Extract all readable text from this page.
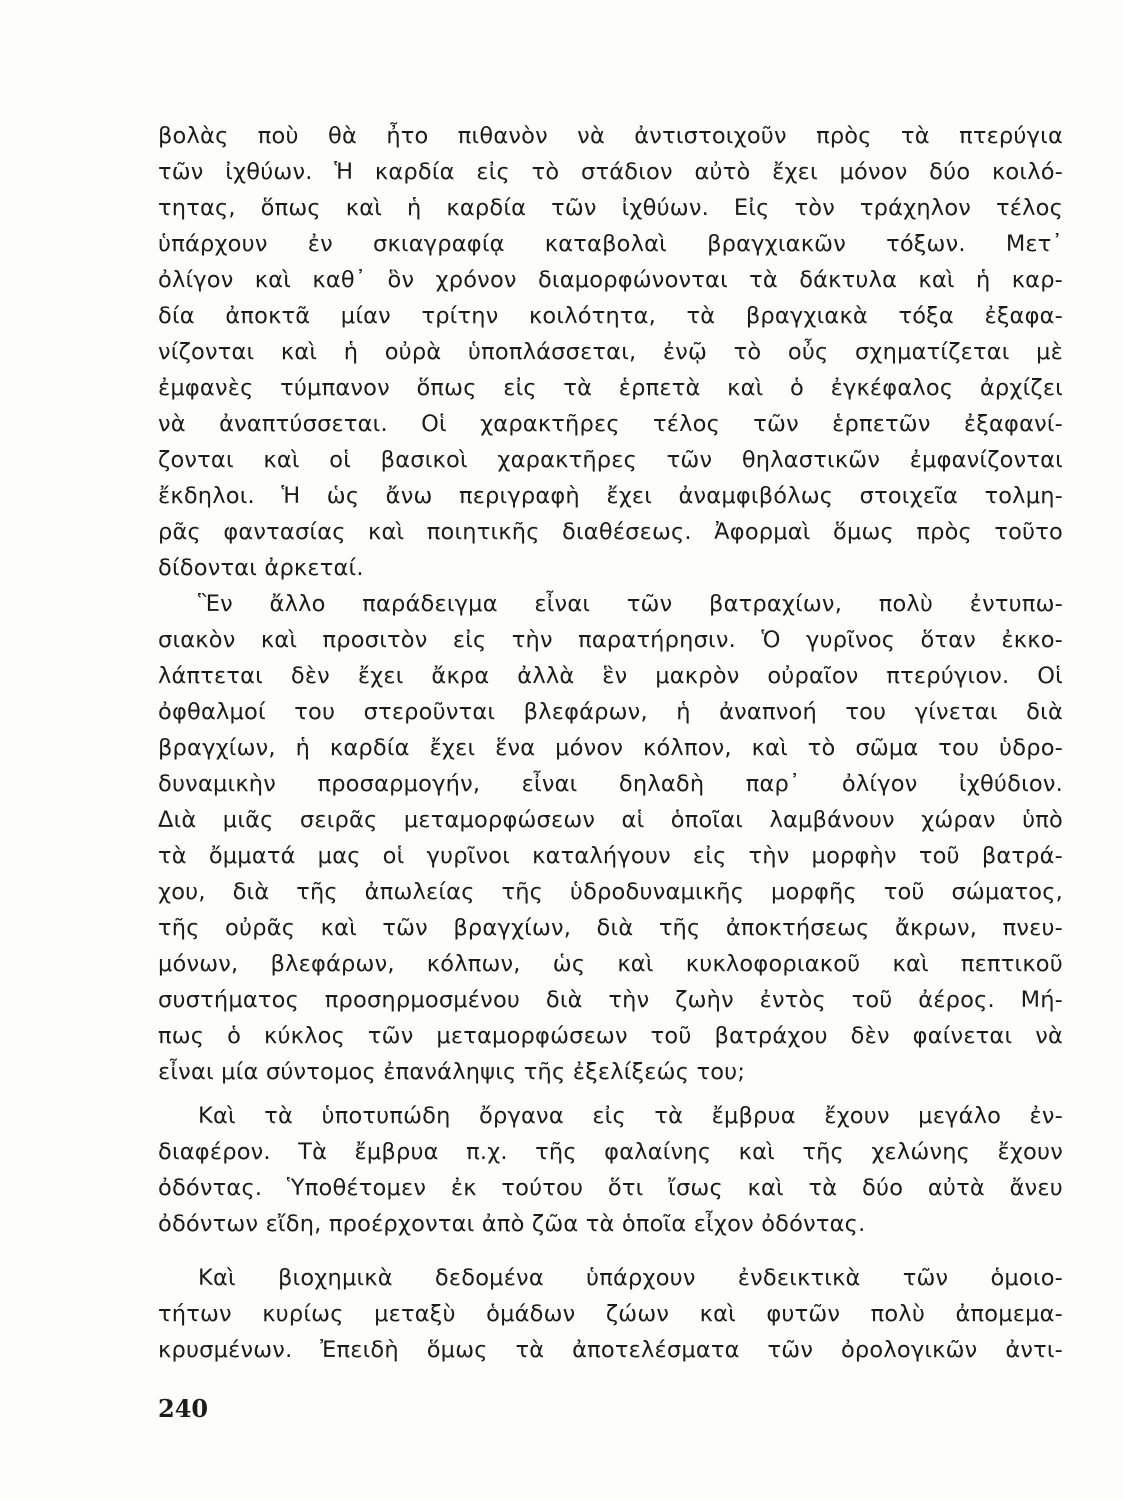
βολὰς ποὺ θὰ ἦτο πιθανὸν νὰ ἀντιστοιχοῦν πρὸς τὰ πτερύγια
τῶν ἰχθύων. Ἡ καρδία εἰς τὸ στάδιον αὐτὸ ἔχει μόνον δύο κοιλό-
τητας, ὅπως καὶ ἡ καρδία τῶν ἰχθύων. Εἰς τὸν τράχηλον τέλος
ὑπάρχουν ἐν σκιαγραφίᾳ καταβολαὶ βραγχιακῶν τόξων. Μετ᾽
ὀλίγον καὶ καθ᾽ ὃν χρόνον διαμορφώνονται τὰ δάκτυλα καὶ ἡ καρ-
δία ἀποκτᾶ μίαν τρίτην κοιλότητα, τὰ βραγχιακὰ τόξα ἐξαφα-
νίζονται καὶ ἡ οὐρὰ ὑποπλάσσεται, ἐνῷ τὸ οὖς σχηματίζεται μὲ
ἐμφανὲς τύμπανον ὅπως εἰς τὰ ἑρπετὰ καὶ ὁ ἐγκέφαλος ἀρχίζει
νὰ ἀναπτύσσεται. Οἱ χαρακτῆρες τέλος τῶν ἑρπετῶν ἐξαφανί-
ζονται καὶ οἱ βασικοὶ χαρακτῆρες τῶν θηλαστικῶν ἐμφανίζονται
ἔκδηλοι. Ἡ ὡς ἄνω περιγραφὴ ἔχει ἀναμφιβόλως στοιχεῖα τολμη-
ρᾶς φαντασίας καὶ ποιητικῆς διαθέσεως. Ἀφορμαὶ ὅμως πρὸς τοῦτο
δίδονται ἀρκεταί.
Ἓν ἄλλο παράδειγμα εἶναι τῶν βατραχίων, πολὺ ἐντυπω-
σιακὸν καὶ προσιτὸν εἰς τὴν παρατήρησιν. Ὁ γυρῖνος ὅταν ἐκκο-
λάπτεται δὲν ἔχει ἄκρα ἀλλὰ ἓν μακρὸν οὐραῖον πτερύγιον. Οἱ
ὀφθαλμοί του στεροῦνται βλεφάρων, ἡ ἀναπνοή του γίνεται διὰ
βραγχίων, ἡ καρδία ἔχει ἕνα μόνον κόλπον, καὶ τὸ σῶμα του ὑδρο-
δυναμικὴν προσαρμογήν, εἶναι δηλαδὴ παρ᾽ ὀλίγον ἰχθύδιον.
Διὰ μιᾶς σειρᾶς μεταμορφώσεων αἱ ὁποῖαι λαμβάνουν χώραν ὑπὸ
τὰ ὄμματά μας οἱ γυρῖνοι καταλήγουν εἰς τὴν μορφὴν τοῦ βατρά-
χου, διὰ τῆς ἀπωλείας τῆς ὑδροδυναμικῆς μορφῆς τοῦ σώματος,
τῆς οὐρᾶς καὶ τῶν βραγχίων, διὰ τῆς ἀποκτήσεως ἄκρων, πνευ-
μόνων, βλεφάρων, κόλπων, ὡς καὶ κυκλοφοριακοῦ καὶ πεπτικοῦ
συστήματος προσηρμοσμένου διὰ τὴν ζωὴν ἐντὸς τοῦ ἀέρος. Μή-
πως ὁ κύκλος τῶν μεταμορφώσεων τοῦ βατράχου δὲν φαίνεται νὰ
εἶναι μία σύντομος ἐπανάληψις τῆς ἐξελίξεώς του;
Καὶ τὰ ὑποτυπώδη ὄργανα εἰς τὰ ἔμβρυα ἔχουν μεγάλο ἐν-
διαφέρον. Τὰ ἔμβρυα π.χ. τῆς φαλαίνης καὶ τῆς χελώνης ἔχουν
ὀδόντας. Ὑποθέτομεν ἐκ τούτου ὅτι ἴσως καὶ τὰ δύο αὐτὰ ἄνευ
ὀδόντων εἴδη, προέρχονται ἀπὸ ζῶα τὰ ὁποῖα εἶχον ὀδόντας.
Καὶ βιοχημικὰ δεδομένα ὑπάρχουν ἐνδεικτικὰ τῶν ὁμοιο-
τήτων κυρίως μεταξὺ ὁμάδων ζώων καὶ φυτῶν πολὺ ἀπομεμα-
κρυσμένων. Ἐπειδὴ ὅμως τὰ ἀποτελέσματα τῶν ὀρολογικῶν ἀντι-
240
